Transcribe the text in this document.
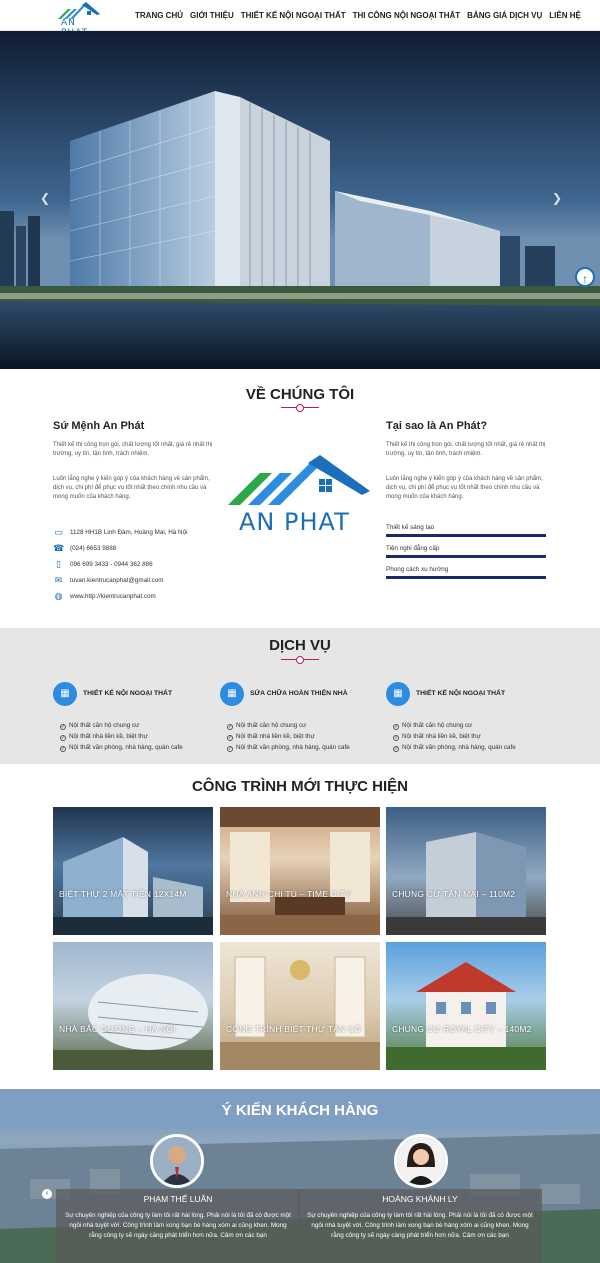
AN
TRANG CHỦ GIỚI THIỆU THIẾT KẾ NỘI NGOẠI THẤT THI CÔNG NỘI NGOẠI THẤT BẢNG GIÁ DỊCH VỤ LIÊN HỆ
❮	❯
↑
VỀ CHÚNG TÔI
Sứ Mệnh An Phát
Thiết kế thi công trọn gói, chất lượng tốt nhất, giá rẻ nhất thị trường, uy tín, tận tình, trách nhiệm.
Luôn lắng nghe ý kiến góp ý của khách hàng về sản phẩm, dịch vụ, chi phí để phục vụ tốt nhất theo chính nhu cầu và mong muốn của khách hàng.
▭ 1128 HH1B Linh Đàm, Hoàng Mai, Hà Nội
☎ (024) 6653 9888
▯	096 699 3433 - 0944 362 886
✉ tuvan.kientrucanphat@gmail.com
◍ www.http://kientrucanphat.com
AN PHAT
Tại sao là An Phát?
Thiết kế thi công trọn gói, chất lượng tốt nhất, giá rẻ nhất thị trường, uy tín, tận tình, trách nhiệm.
Luôn lắng nghe ý kiến góp ý của khách hàng về sản phẩm, dịch vụ, chi phí để phục vụ tốt nhất theo chính nhu cầu và mong muốn của khách hàng.
Thiết kế sáng tạo
Tiện nghi đẳng cấp
Phong cách xu hướng
DỊCH VỤ
▦	THIẾT KẾ NỘI NGOẠI THẤT
✓ Nội thất căn hộ chung cư
✓ Nội thất nhà liền kề, biệt thự
✓ Nội thất văn phòng, nhà hàng, quán cafe
▦	SỬA CHỮA HOÀN THIỆN NHÀ
✓ Nội thất căn hộ chung cư
✓ Nội thất nhà liền kề, biệt thự
✓ Nội thất văn phòng, nhà hàng, quán cafe
▦	THIẾT KẾ NỘI NGOẠI THẤT
✓ Nội thất căn hộ chung cư
✓ Nội thất nhà liền kề, biệt thự
✓ Nội thất văn phòng, nhà hàng, quán cafe
CÔNG TRÌNH MỚI THỰC HIỆN
BIỆT THỰ 2 MẶT TIỀN 12X14M	NHÀ ANH CHI TÚ – TIME CITY	CHUNG CƯ TÂN MAI – 110M2
NHÀ BẮC DƯƠNG – HÀ NỘI	CÔNG TRÌNH BIỆT THỰ TÂN CỔ	CHUNG CƯ ROYAL CITY – 140M2
Ý KIẾN KHÁCH HÀNG
PHẠM THẾ LUÂN
Sự chuyên nghiệp của công ty làm tôi rất hài lòng. Phải nói là tôi đã có được một ngôi nhà tuyệt vời. Công trình làm xong bạn bè hàng xóm ai cũng khen. Mong rằng công ty sẽ ngày càng phát triển hơn nữa. Cảm ơn các bạn
HOÀNG KHÁNH LY
Sự chuyên nghiệp của công ty làm tôi rất hài lòng. Phải nói là tôi đã có được một ngôi nhà tuyệt vời. Công trình làm xong bạn bè hàng xóm ai cũng khen. Mong rằng công ty sẽ ngày càng phát triển hơn nữa. Cảm ơn các bạn
‹
